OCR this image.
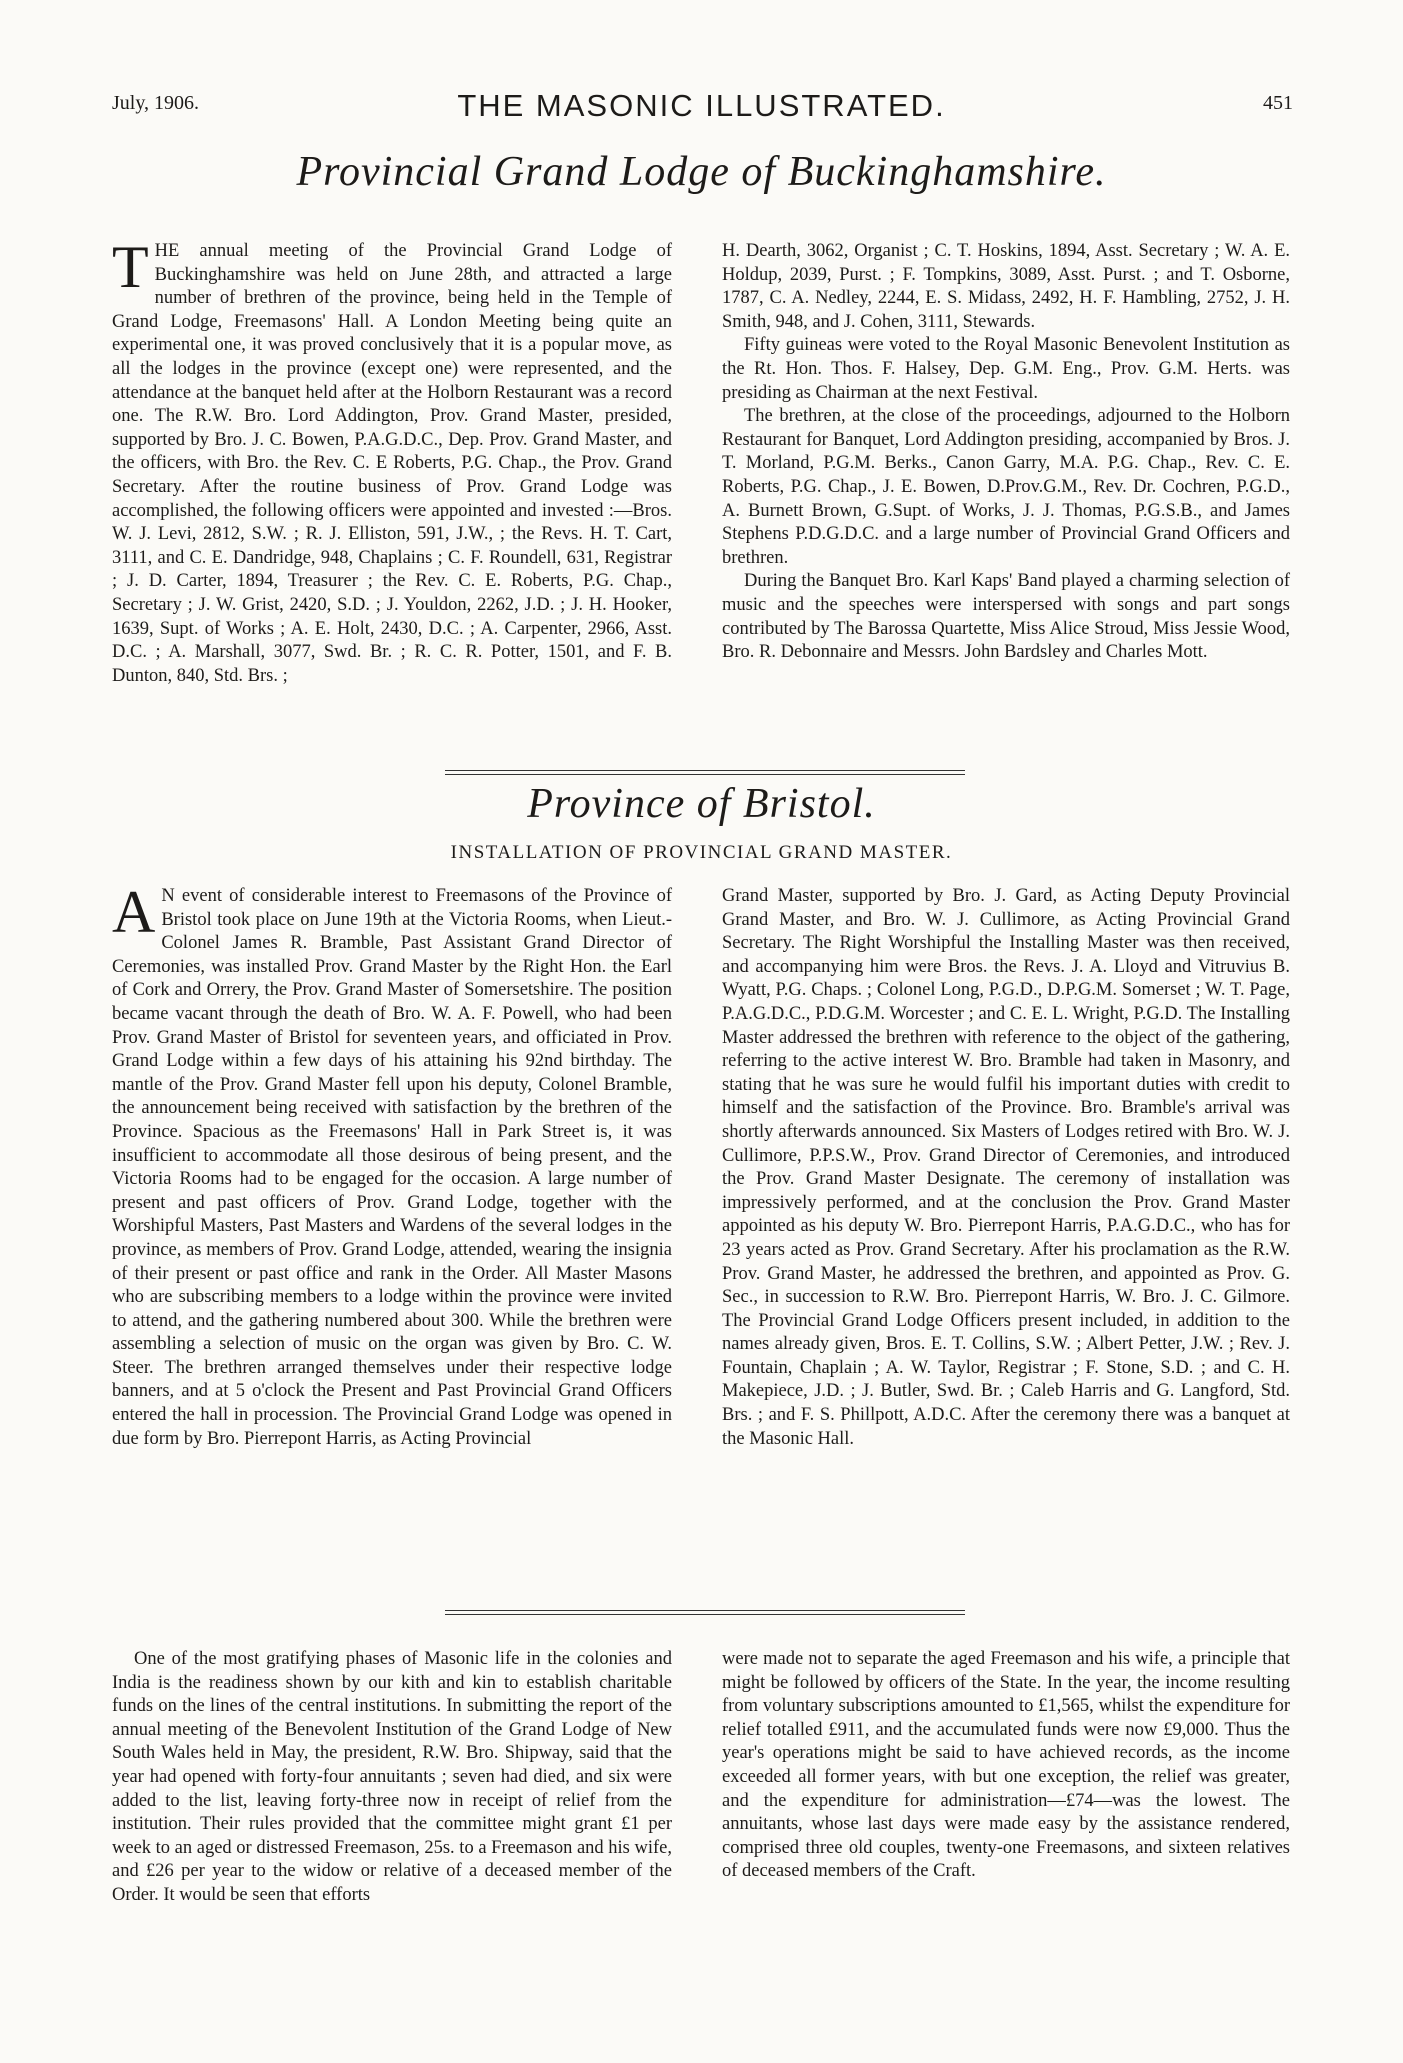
July, 1906.	THE MASONIC ILLUSTRATED.	451
Provincial Grand Lodge of Buckinghamshire.

THE annual meeting of the Provincial Grand Lodge of Buckinghamshire was held on June 28th, and attracted a large number of brethren of the province, being held in the Temple of Grand Lodge, Freemasons' Hall. A London Meeting being quite an experimental one, it was proved conclusively that it is a popular move, as all the lodges in the province (except one) were represented, and the attendance at the banquet held after at the Holborn Restaurant was a record one. The R.W. Bro. Lord Addington, Prov. Grand Master, presided, supported by Bro. J. C. Bowen, P.A.G.D.C., Dep. Prov. Grand Master, and the officers, with Bro. the Rev. C. E Roberts, P.G. Chap., the Prov. Grand Secretary. After the routine business of Prov. Grand Lodge was accomplished, the following officers were appointed and invested :—Bros. W. J. Levi, 2812, S.W. ; R. J. Elliston, 591, J.W., ; the Revs. H. T. Cart, 3111, and C. E. Dandridge, 948, Chaplains ; C. F. Roundell, 631, Registrar ; J. D. Carter, 1894, Treasurer ; the Rev. C. E. Roberts, P.G. Chap., Secretary ; J. W. Grist, 2420, S.D. ; J. Youldon, 2262, J.D. ; J. H. Hooker, 1639, Supt. of Works ; A. E. Holt, 2430, D.C. ; A. Carpenter, 2966, Asst. D.C. ; A. Marshall, 3077, Swd. Br. ; R. C. R. Potter, 1501, and F. B. Dunton, 840, Std. Brs. ;

H. Dearth, 3062, Organist ; C. T. Hoskins, 1894, Asst. Secretary ; W. A. E. Holdup, 2039, Purst. ; F. Tompkins, 3089, Asst. Purst. ; and T. Osborne, 1787, C. A. Nedley, 2244, E. S. Midass, 2492, H. F. Hambling, 2752, J. H. Smith, 948, and J. Cohen, 3111, Stewards.

Fifty guineas were voted to the Royal Masonic Benevolent Institution as the Rt. Hon. Thos. F. Halsey, Dep. G.M. Eng., Prov. G.M. Herts. was presiding as Chairman at the next Festival.

The brethren, at the close of the proceedings, adjourned to the Holborn Restaurant for Banquet, Lord Addington presiding, accompanied by Bros. J. T. Morland, P.G.M. Berks., Canon Garry, M.A. P.G. Chap., Rev. C. E. Roberts, P.G. Chap., J. E. Bowen, D.Prov.G.M., Rev. Dr. Cochren, P.G.D., A. Burnett Brown, G.Supt. of Works, J. J. Thomas, P.G.S.B., and James Stephens P.D.G.D.C. and a large number of Provincial Grand Officers and brethren.

During the Banquet Bro. Karl Kaps' Band played a charming selection of music and the speeches were interspersed with songs and part songs contributed by The Barossa Quartette, Miss Alice Stroud, Miss Jessie Wood, Bro. R. Debonnaire and Messrs. John Bardsley and Charles Mott.

Province of Bristol.
INSTALLATION OF PROVINCIAL GRAND MASTER.

A N event of considerable interest to Freemasons of the Province of Bristol took place on June 19th at the Victoria Rooms, when Lieut.-Colonel James R. Bramble, Past Assistant Grand Director of Ceremonies, was installed Prov. Grand Master by the Right Hon. the Earl of Cork and Orrery, the Prov. Grand Master of Somersetshire. The position became vacant through the death of Bro. W. A. F. Powell, who had been Prov. Grand Master of Bristol for seventeen years, and officiated in Prov. Grand Lodge within a few days of his attaining his 92nd birthday. The mantle of the Prov. Grand Master fell upon his deputy, Colonel Bramble, the announcement being received with satisfaction by the brethren of the Province. Spacious as the Freemasons' Hall in Park Street is, it was insufficient to accommodate all those desirous of being present, and the Victoria Rooms had to be engaged for the occasion. A large number of present and past officers of Prov. Grand Lodge, together with the Worshipful Masters, Past Masters and Wardens of the several lodges in the province, as members of Prov. Grand Lodge, attended, wearing the insignia of their present or past office and rank in the Order. All Master Masons who are subscribing members to a lodge within the province were invited to attend, and the gathering numbered about 300. While the brethren were assembling a selection of music on the organ was given by Bro. C. W. Steer. The brethren arranged themselves under their respective lodge banners, and at 5 o'clock the Present and Past Provincial Grand Officers entered the hall in procession. The Provincial Grand Lodge was opened in due form by Bro. Pierrepont Harris, as Acting Provincial

Grand Master, supported by Bro. J. Gard, as Acting Deputy Provincial Grand Master, and Bro. W. J. Cullimore, as Acting Provincial Grand Secretary. The Right Worshipful the Installing Master was then received, and accompanying him were Bros. the Revs. J. A. Lloyd and Vitruvius B. Wyatt, P.G. Chaps. ; Colonel Long, P.G.D., D.P.G.M. Somerset ; W. T. Page, P.A.G.D.C., P.D.G.M. Worcester ; and C. E. L. Wright, P.G.D. The Installing Master addressed the brethren with reference to the object of the gathering, referring to the active interest W. Bro. Bramble had taken in Masonry, and stating that he was sure he would fulfil his important duties with credit to himself and the satisfaction of the Province. Bro. Bramble's arrival was shortly afterwards announced. Six Masters of Lodges retired with Bro. W. J. Cullimore, P.P.S.W., Prov. Grand Director of Ceremonies, and introduced the Prov. Grand Master Designate. The ceremony of installation was impressively performed, and at the conclusion the Prov. Grand Master appointed as his deputy W. Bro. Pierrepont Harris, P.A.G.D.C., who has for 23 years acted as Prov. Grand Secretary. After his proclamation as the R.W. Prov. Grand Master, he addressed the brethren, and appointed as Prov. G. Sec., in succession to R.W. Bro. Pierrepont Harris, W. Bro. J. C. Gilmore. The Provincial Grand Lodge Officers present included, in addition to the names already given, Bros. E. T. Collins, S.W. ; Albert Petter, J.W. ; Rev. J. Fountain, Chaplain ; A. W. Taylor, Registrar ; F. Stone, S.D. ; and C. H. Makepiece, J.D. ; J. Butler, Swd. Br. ; Caleb Harris and G. Langford, Std. Brs. ; and F. S. Phillpott, A.D.C. After the ceremony there was a banquet at the Masonic Hall.

One of the most gratifying phases of Masonic life in the colonies and India is the readiness shown by our kith and kin to establish charitable funds on the lines of the central institutions. In submitting the report of the annual meeting of the Benevolent Institution of the Grand Lodge of New South Wales held in May, the president, R.W. Bro. Shipway, said that the year had opened with forty-four annuitants ; seven had died, and six were added to the list, leaving forty-three now in receipt of relief from the institution. Their rules provided that the committee might grant £1 per week to an aged or distressed Freemason, 25s. to a Freemason and his wife, and £26 per year to the widow or relative of a deceased member of the Order. It would be seen that efforts

were made not to separate the aged Freemason and his wife, a principle that might be followed by officers of the State. In the year, the income resulting from voluntary subscriptions amounted to £1,565, whilst the expenditure for relief totalled £911, and the accumulated funds were now £9,000. Thus the year's operations might be said to have achieved records, as the income exceeded all former years, with but one exception, the relief was greater, and the expenditure for administration—£74—was the lowest. The annuitants, whose last days were made easy by the assistance rendered, comprised three old couples, twenty-one Freemasons, and sixteen relatives of deceased members of the Craft.
